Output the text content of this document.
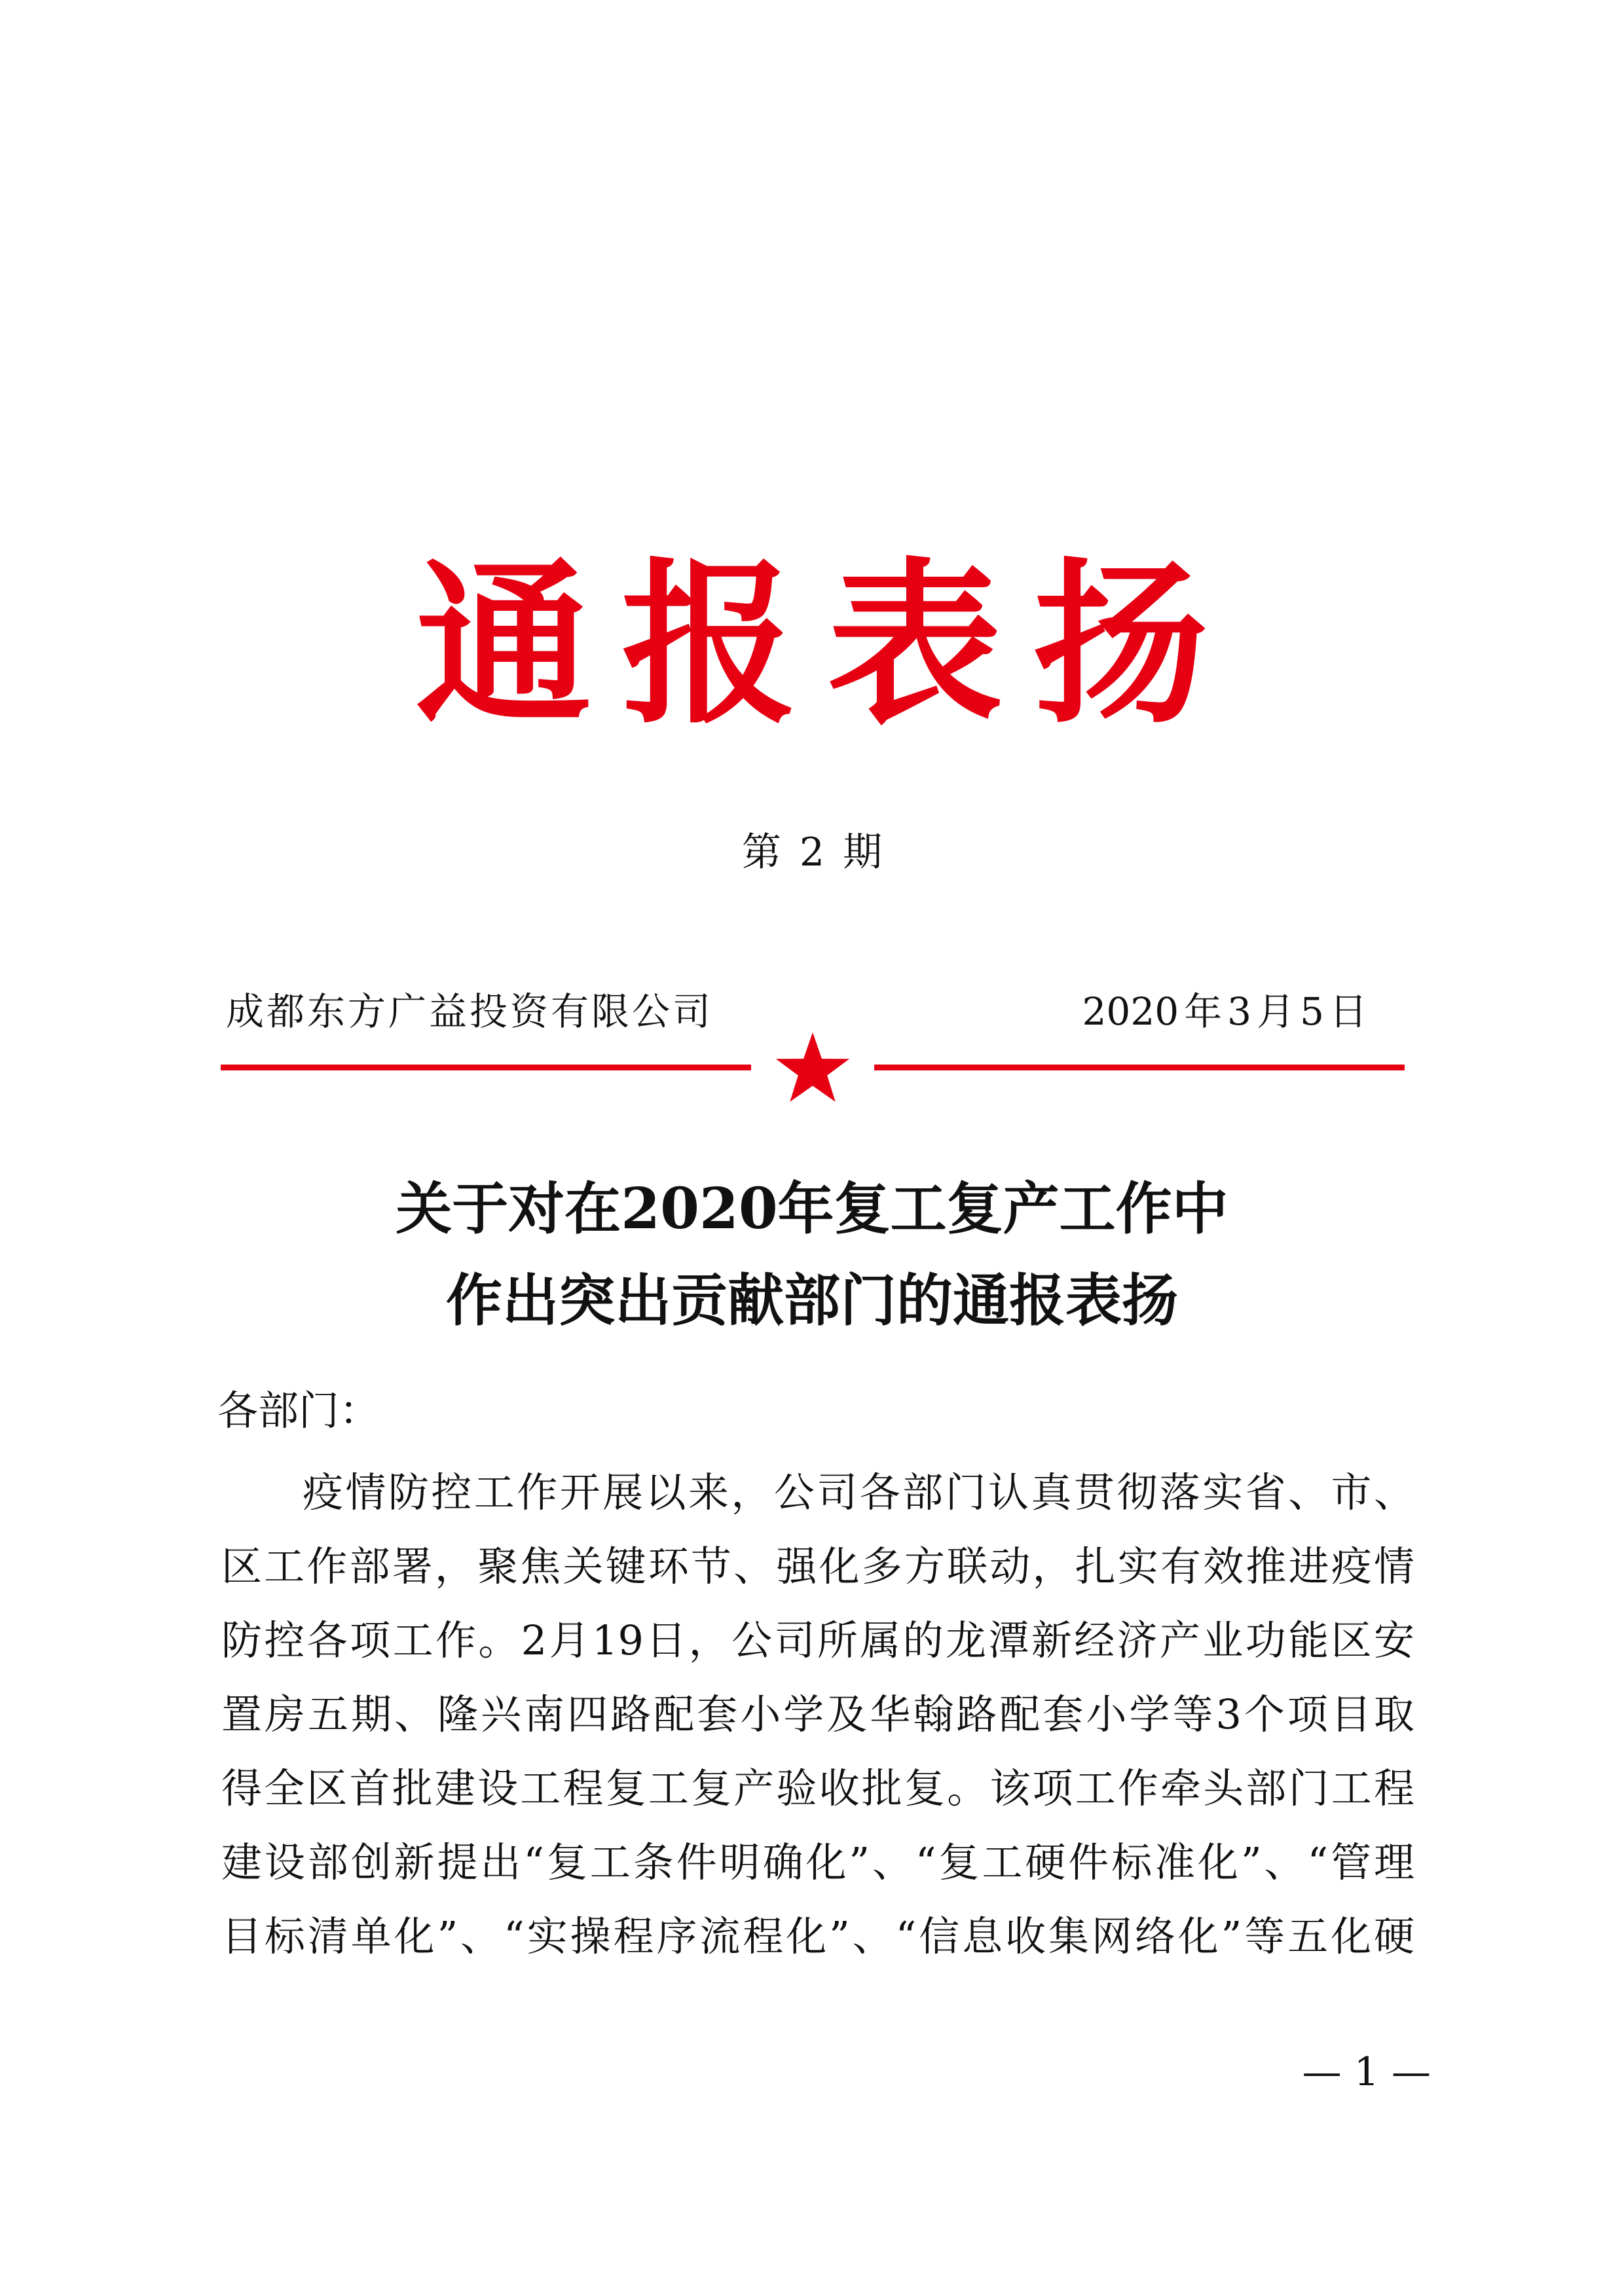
通报表扬
第 2 期
成都东方广益投资有限公司	2020 年 3 月 5 日
关于对在2020年复工复产工作中
作出突出贡献部门的通报表扬
各部门：
疫情防控工作开展以来，公司各部门认真贯彻落实省、市、
区工作部署，聚焦关键环节、强化多方联动，扎实有效推进疫情
防控各项工作。2月19日，公司所属的龙潭新经济产业功能区安
置房五期、隆兴南四路配套小学及华翰路配套小学等3个项目取
得全区首批建设工程复工复产验收批复。该项工作牵头部门工程
建设部创新提出“复工条件明确化”、“复工硬件标准化”、“管理
目标清单化”、“实操程序流程化”、“信息收集网络化”等五化硬
— 1 —
